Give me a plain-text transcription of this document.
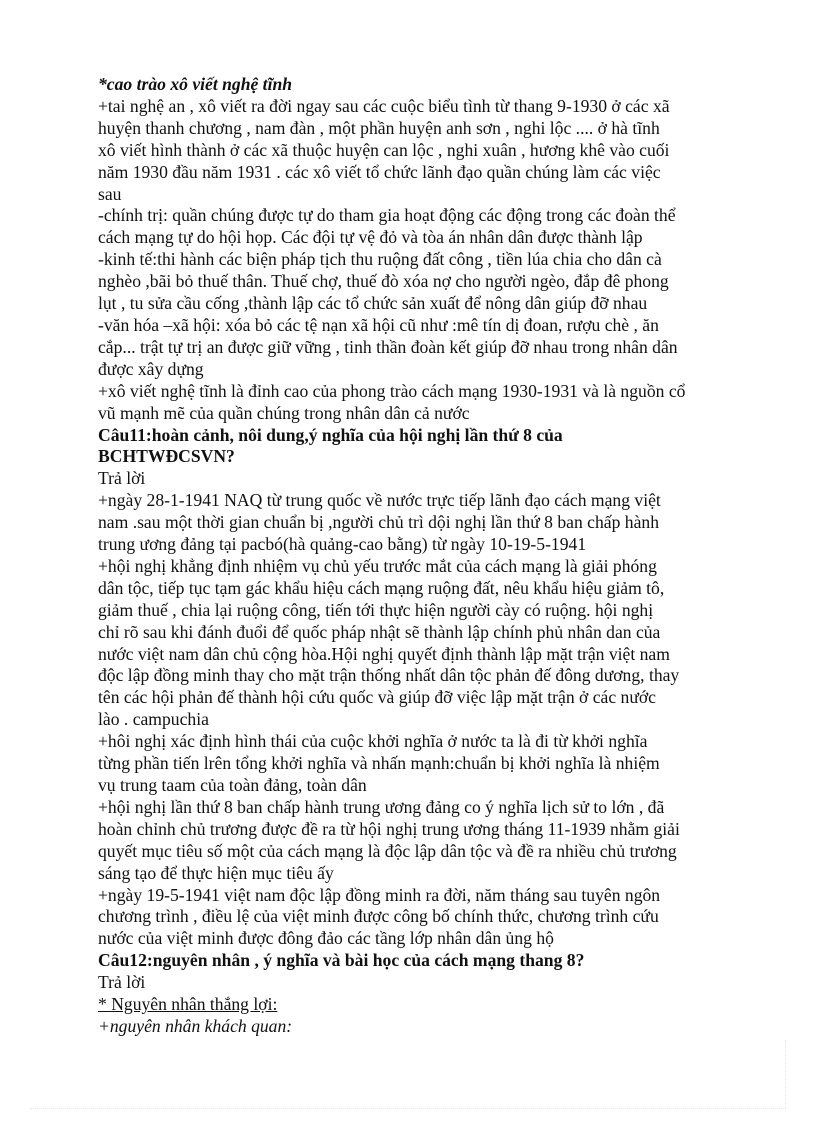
*cao trào xô viết nghệ tĩnh

+tai nghệ an , xô viết ra đời ngay sau các cuộc biểu tình từ thang 9-1930 ở các xã

huyện thanh chương , nam đàn , một phần huyện anh sơn , nghi lộc .... ở hà tĩnh

xô viết hình thành ở các xã thuộc huyện can lộc , nghi xuân , hương khê vào cuối

năm 1930 đầu năm 1931 . các xô viết tổ chức lãnh đạo quần chúng làm các việc

sau

-chính trị: quần chúng được tự do tham gia hoạt động các động trong các đoàn thể

cách mạng tự do hội họp. Các đội tự vệ đỏ và tòa án nhân dân được thành lập

-kinh tế:thi hành các biện pháp tịch thu ruộng đất công , tiền lúa chia cho dân cà

nghèo ,bãi bỏ thuế thân. Thuế chợ, thuế đò xóa nợ cho người ngèo, đắp đê phong

lụt , tu sửa cầu cống ,thành lập các tổ chức sản xuất để nông dân giúp đỡ nhau

-văn hóa –xã hội: xóa bỏ các tệ nạn xã hội cũ như :mê tín dị đoan, rượu chè , ăn

cắp... trật tự trị an được giữ vững , tinh thần đoàn kết giúp đỡ nhau trong nhân dân

được xây dựng

+xô viết nghệ tĩnh là đỉnh cao của phong trào cách mạng 1930-1931 và là nguồn cổ

vũ mạnh mẽ của quần chúng trong nhân dân cả nước

Câu11:hoàn cảnh, nôi dung,ý nghĩa của hội nghị lần thứ 8 của

BCHTWĐCSVN?

Trả lời

+ngày 28-1-1941 NAQ từ trung quốc về nước trực tiếp lãnh đạo cách mạng việt

nam .sau một thời gian chuẩn bị ,người chủ trì dội nghị lần thứ 8 ban chấp hành

trung ương đảng tại pacbó(hà quảng-cao bằng) từ ngày 10-19-5-1941

+hội nghị khẳng định nhiệm vụ chủ yếu trước mắt của cách mạng là giải phóng

dân tộc, tiếp tục tạm gác khẩu hiệu cách mạng ruộng đất, nêu khẩu hiệu giảm tô,

giảm thuế , chia lại ruộng công, tiến tới thực hiện người cày có ruộng. hội nghị

chỉ rõ sau khi đánh đuổi để quốc pháp nhật sẽ thành lập chính phủ nhân dan của

nước việt nam dân chủ cộng hòa.Hội nghị quyết định thành lập mặt trận việt nam

độc lập đồng minh thay cho mặt trận thống nhất dân tộc phản đế đông dương, thay

tên các hội phản đế thành hội cứu quốc và giúp đỡ việc lập mặt trận ở các nước

lào . campuchia

+hôi nghị xác định hình thái của cuộc khởi nghĩa ở nước ta là đi từ khởi nghĩa

từng phần tiến lrên tổng khởi nghĩa và nhấn mạnh:chuẩn bị khởi nghĩa là nhiệm

vụ trung taam của toàn đảng, toàn dân

+hội nghị lần thứ 8 ban chấp hành trung ương đảng co ý nghĩa lịch sử to lớn , đã

hoàn chỉnh chủ trương được đề ra từ hội nghị trung ương tháng 11-1939 nhằm giải

quyết mục tiêu số một của cách mạng là độc lập dân tộc và đề ra nhiều chủ trương

sáng tạo để thực hiện mục tiêu ấy

+ngày 19-5-1941 việt nam độc lập đồng minh ra đời, năm tháng sau tuyên ngôn

chương trình , điều lệ của việt minh được công bố chính thức, chương trình cứu

nước của việt minh được đông đảo các tầng lớp nhân dân ủng hộ

Câu12:nguyên nhân , ý nghĩa và bài học của cách mạng thang 8?

Trả lời

* Nguyên nhân thắng lợi:

+nguyên nhân khách quan:
